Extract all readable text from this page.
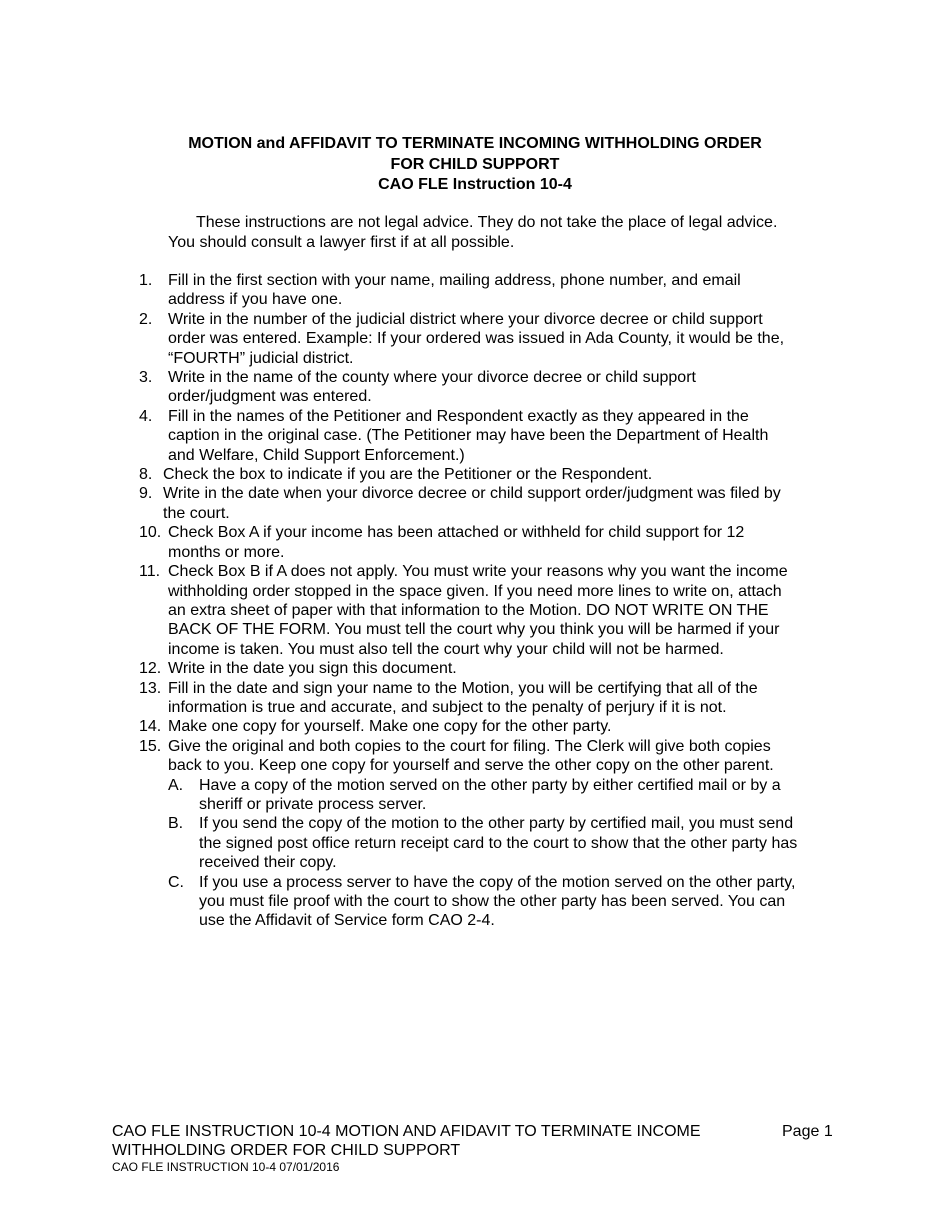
MOTION and AFFIDAVIT TO TERMINATE INCOMING WITHHOLDING ORDER
FOR CHILD SUPPORT
CAO FLE Instruction 10-4
These instructions are not legal advice. They do not take the place of legal advice.
You should consult a lawyer first if at all possible.
1. Fill in the first section with your name, mailing address, phone number, and email
address if you have one.
2. Write in the number of the judicial district where your divorce decree or child support
order was entered. Example: If your ordered was issued in Ada County, it would be the,
“FOURTH” judicial district.
3. Write in the name of the county where your divorce decree or child support
order/judgment was entered.
4. Fill in the names of the Petitioner and Respondent exactly as they appeared in the
caption in the original case. (The Petitioner may have been the Department of Health
and Welfare, Child Support Enforcement.)
8. Check the box to indicate if you are the Petitioner or the Respondent.
9. Write in the date when your divorce decree or child support order/judgment was filed by
the court.
10. Check Box A if your income has been attached or withheld for child support for 12
months or more.
11. Check Box B if A does not apply. You must write your reasons why you want the income
withholding order stopped in the space given. If you need more lines to write on, attach
an extra sheet of paper with that information to the Motion. DO NOT WRITE ON THE
BACK OF THE FORM. You must tell the court why you think you will be harmed if your
income is taken. You must also tell the court why your child will not be harmed.
12. Write in the date you sign this document.
13. Fill in the date and sign your name to the Motion, you will be certifying that all of the
information is true and accurate, and subject to the penalty of perjury if it is not.
14. Make one copy for yourself. Make one copy for the other party.
15. Give the original and both copies to the court for filing. The Clerk will give both copies
back to you. Keep one copy for yourself and serve the other copy on the other parent.
A. Have a copy of the motion served on the other party by either certified mail or by a
sheriff or private process server.
B. If you send the copy of the motion to the other party by certified mail, you must send
the signed post office return receipt card to the court to show that the other party has
received their copy.
C. If you use a process server to have the copy of the motion served on the other party,
you must file proof with the court to show the other party has been served. You can
use the Affidavit of Service form CAO 2-4.
CAO FLE INSTRUCTION 10-4 MOTION AND AFIDAVIT TO TERMINATE INCOME
WITHHOLDING ORDER FOR CHILD SUPPORT
CAO FLE INSTRUCTION 10-4 07/01/2016
Page 1
